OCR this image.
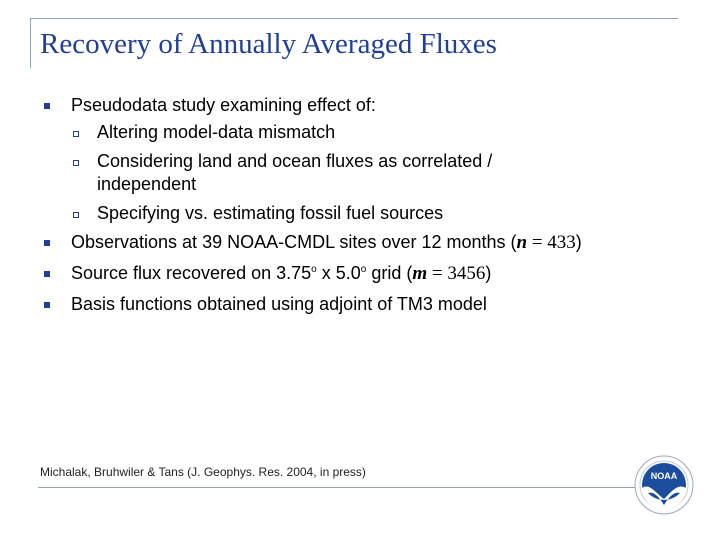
Recovery of Annually Averaged Fluxes
Pseudodata study examining effect of:
Altering model-data mismatch
Considering land and ocean fluxes as correlated / independent
Specifying vs. estimating fossil fuel sources
Observations at 39 NOAA-CMDL sites over 12 months (n = 433)
Source flux recovered on 3.75$^o$ x 5.0$^o$ grid (m = 3456)
Basis functions obtained using adjoint of TM3 model

Michalak, Bruhwiler & Tans (J. Geophys. Res. 2004, in press)	NOAA
